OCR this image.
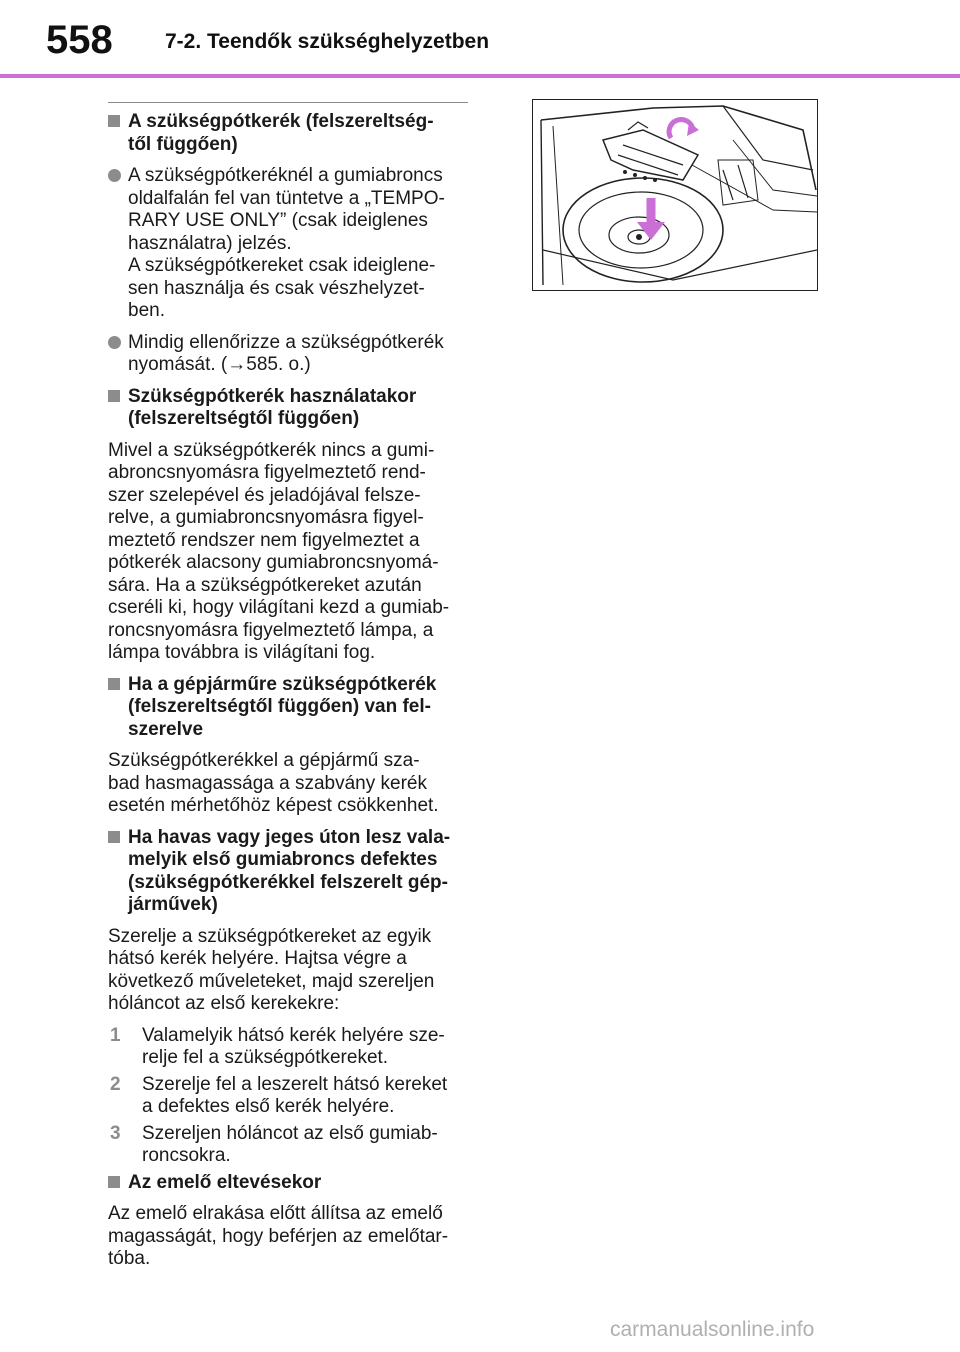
558 7-2. Teendők szükséghelyzetben
A szükségpótkerék (felszereltség-
től függően)
A szükségpótkeréknél a gumiabroncs
oldalfalán fel van tüntetve a „TEMPO-
RARY USE ONLY” (csak ideiglenes
használatra) jelzés.
A szükségpótkereket csak ideiglene-
sen használja és csak vészhelyzet-
ben.
Mindig ellenőrizze a szükségpótkerék
nyomását. (→585. o.)
Szükségpótkerék használatakor
(felszereltségtől függően)
Mivel a szükségpótkerék nincs a gumi-
abroncsnyomásra figyelmeztető rend-
szer szelepével és jeladójával felsze-
relve, a gumiabroncsnyomásra figyel-
meztető rendszer nem figyelmeztet a
pótkerék alacsony gumiabroncsnyomá-
sára. Ha a szükségpótkereket azután
cseréli ki, hogy világítani kezd a gumiab-
roncsnyomásra figyelmeztető lámpa, a
lámpa továbbra is világítani fog.
Ha a gépjárműre szükségpótkerék
(felszereltségtől függően) van fel-
szerelve
Szükségpótkerékkel a gépjármű sza-
bad hasmagassága a szabvány kerék
esetén mérhetőhöz képest csökkenhet.
Ha havas vagy jeges úton lesz vala-
melyik első gumiabroncs defektes
(szükségpótkerékkel felszerelt gép-
járművek)
Szerelje a szükségpótkereket az egyik
hátsó kerék helyére. Hajtsa végre a
következő műveleteket, majd szereljen
hóláncot az első kerekekre:
1 Valamelyik hátsó kerék helyére sze-
relje fel a szükségpótkereket.
2 Szerelje fel a leszerelt hátsó kereket
a defektes első kerék helyére.
3 Szereljen hóláncot az első gumiab-
roncsokra.
Az emelő eltevésekor
Az emelő elrakása előtt állítsa az emelő
magasságát, hogy beférjen az emelőtar-
tóba.
carmanualsonline.info
